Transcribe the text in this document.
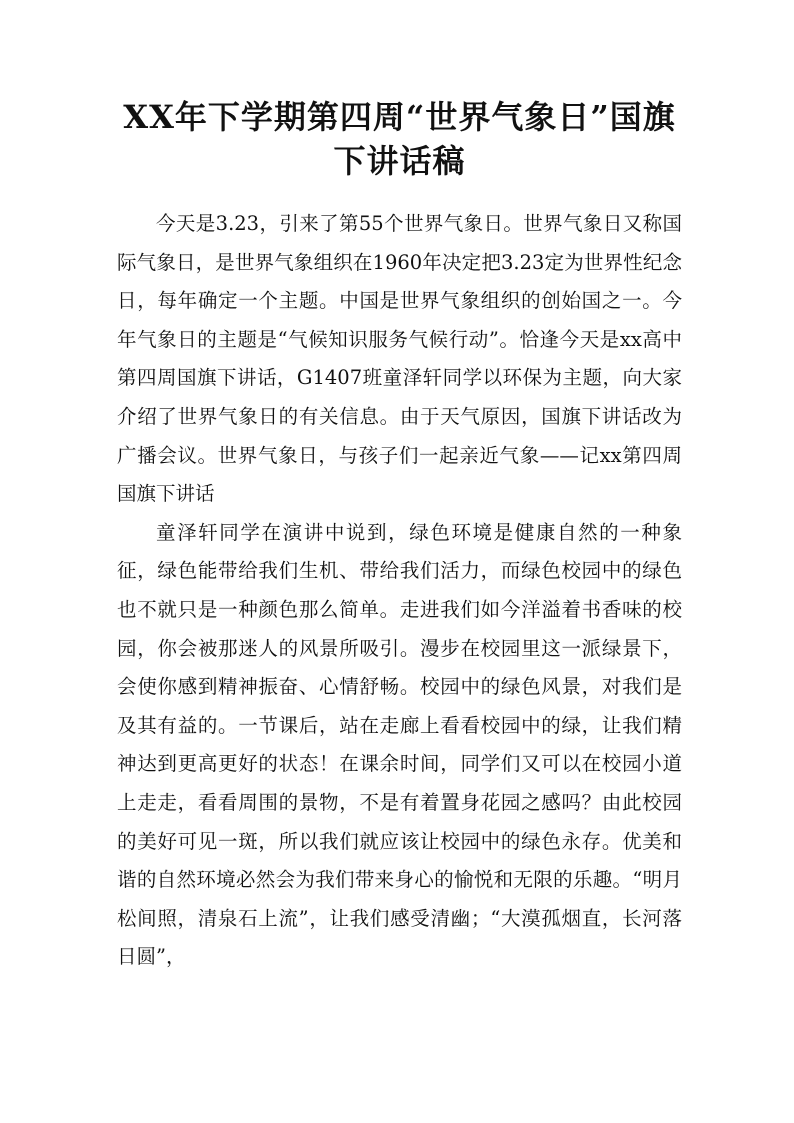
XX年下学期第四周“世界气象日”国旗
下讲话稿

今天是3.23，引来了第55个世界气象日。世界气象日又称国际气象日，是世界气象组织在1960年决定把3.23定为世界性纪念日，每年确定一个主题。中国是世界气象组织的创始国之一。今年气象日的主题是“气候知识服务气候行动”。恰逢今天是xx高中第四周国旗下讲话，G1407班童泽轩同学以环保为主题，向大家介绍了世界气象日的有关信息。由于天气原因，国旗下讲话改为广播会议。世界气象日，与孩子们一起亲近气象——记xx第四周国旗下讲话

童泽轩同学在演讲中说到，绿色环境是健康自然的一种象征，绿色能带给我们生机、带给我们活力，而绿色校园中的绿色也不就只是一种颜色那么简单。走进我们如今洋溢着书香味的校园，你会被那迷人的风景所吸引。漫步在校园里这一派绿景下，会使你感到精神振奋、心情舒畅。校园中的绿色风景，对我们是及其有益的。一节课后，站在走廊上看看校园中的绿，让我们精神达到更高更好的状态！在课余时间，同学们又可以在校园小道上走走，看看周围的景物，不是有着置身花园之感吗？由此校园的美好可见一斑，所以我们就应该让校园中的绿色永存。优美和谐的自然环境必然会为我们带来身心的愉悦和无限的乐趣。“明月松间照，清泉石上流”，让我们感受清幽；“大漠孤烟直，长河落日圆”，
